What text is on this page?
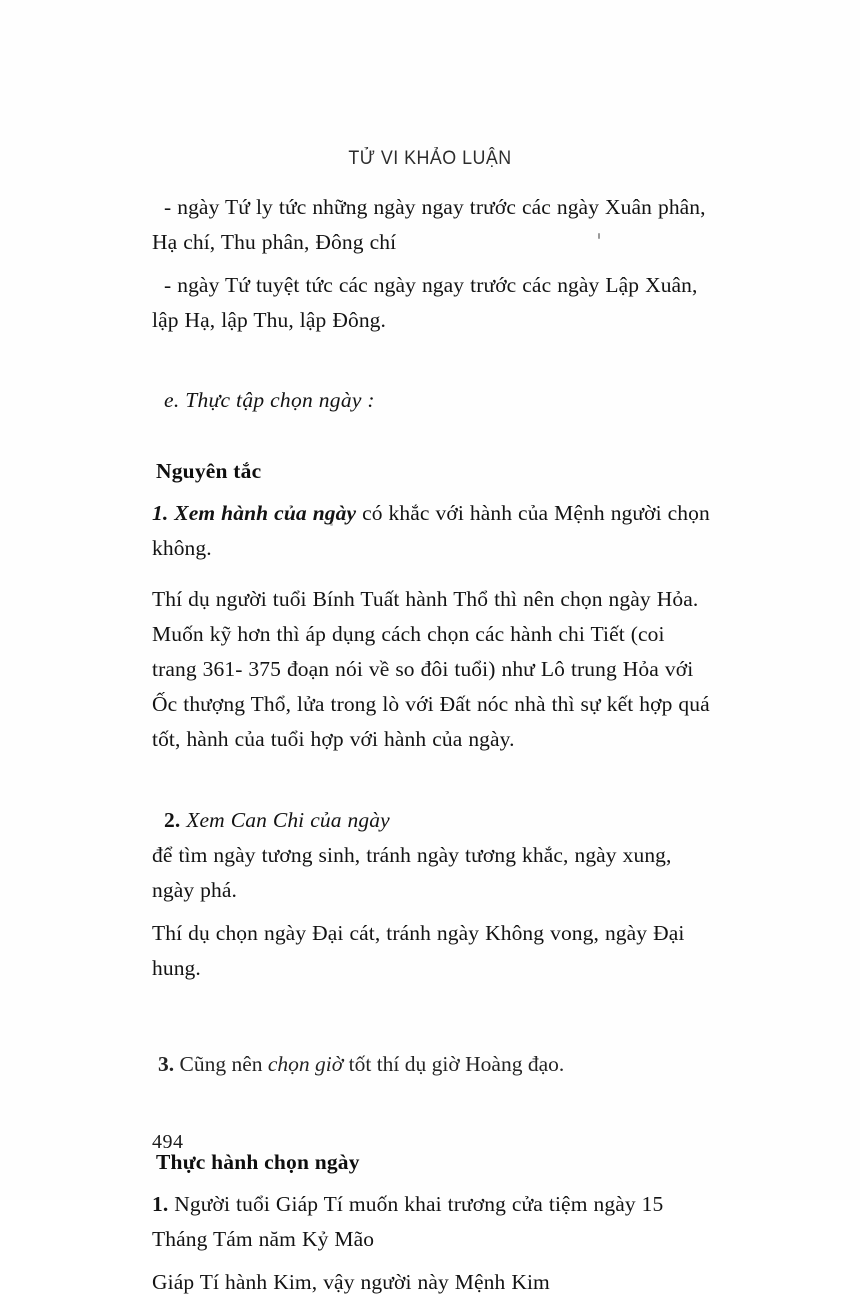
TỬ VI KHẢO LUẬN

- ngày Tứ ly tức những ngày ngay trước các ngày Xuân phân,

Hạ chí, Thu phân, Đông chí

- ngày Tứ tuyệt tức các ngày ngay trước các ngày Lập Xuân,

lập Hạ, lập Thu, lập Đông.

e. Thực tập chọn ngày :

Nguyên tắc

1. Xem hành của ngày có khắc với hành của Mệnh người chọn

không.

Thí dụ người tuổi Bính Tuất hành Thổ thì nên chọn ngày Hỏa.

Muốn kỹ hơn thì áp dụng cách chọn các hành chi Tiết (coi

trang 361- 375 đoạn nói về so đôi tuổi) như Lô trung Hỏa với

Ốc thượng Thổ, lửa trong lò với Đất nóc nhà thì sự kết hợp quá

tốt, hành của tuổi hợp với hành của ngày.

2. Xem Can Chi của ngày

để tìm ngày tương sinh, tránh ngày tương khắc, ngày xung,

ngày phá.

Thí dụ chọn ngày Đại cát, tránh ngày Không vong, ngày Đại

hung.

3. Cũng nên chọn giờ tốt thí dụ giờ Hoàng đạo.

Thực hành chọn ngày

1. Người tuổi Giáp Tí muốn khai trương cửa tiệm ngày 15

Tháng Tám năm Kỷ Mão

Giáp Tí hành Kim, vậy người này Mệnh Kim

494
